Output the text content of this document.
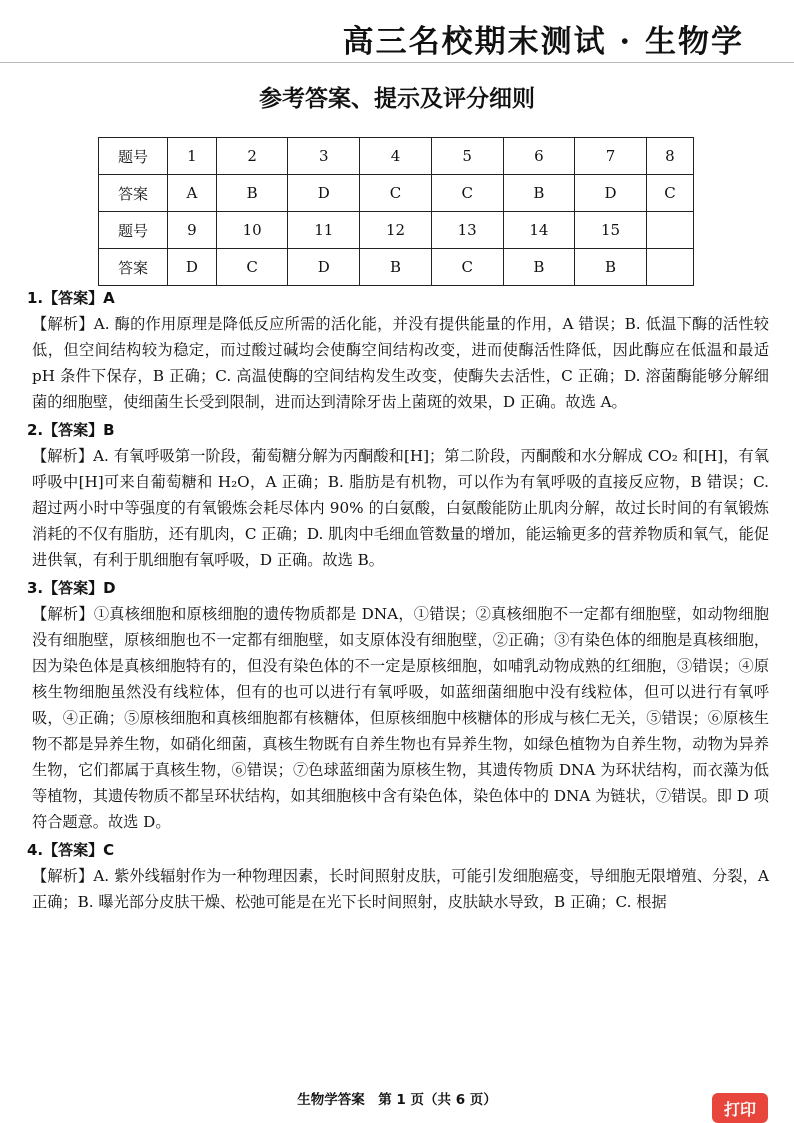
高三名校期末测试 · 生物学
参考答案、提示及评分细则
题号	1	2	3	4	5	6	7	8
答案	A	B	D	C	C	B	D	C
题号	9	10	11	12	13	14	15	
答案	D	C	D	B	C	B	B	

1.【答案】A

【解析】A. 酶的作用原理是降低反应所需的活化能，并没有提供能量的作用，A 错误；B. 低温下酶的活性较低，但空间结构较为稳定，而过酸过碱均会使酶空间结构改变，进而使酶活性降低，因此酶应在低温和最适 pH 条件下保存，B 正确；C. 高温使酶的空间结构发生改变，使酶失去活性，C 正确；D. 溶菌酶能够分解细菌的细胞壁，使细菌生长受到限制，进而达到清除牙齿上菌斑的效果，D 正确。故选 A。

2.【答案】B

【解析】A. 有氧呼吸第一阶段，葡萄糖分解为丙酮酸和[H]；第二阶段，丙酮酸和水分解成 CO₂ 和[H]，有氧呼吸中[H]可来自葡萄糖和 H₂O，A 正确；B. 脂肪是有机物，可以作为有氧呼吸的直接反应物，B 错误；C. 超过两小时中等强度的有氧锻炼会耗尽体内 90% 的白氨酸，白氨酸能防止肌肉分解，故过长时间的有氧锻炼消耗的不仅有脂肪，还有肌肉，C 正确；D. 肌肉中毛细血管数量的增加，能运输更多的营养物质和氧气，能促进供氧，有利于肌细胞有氧呼吸，D 正确。故选 B。

3.【答案】D

【解析】①真核细胞和原核细胞的遗传物质都是 DNA，①错误；②真核细胞不一定都有细胞壁，如动物细胞没有细胞壁，原核细胞也不一定都有细胞壁，如支原体没有细胞壁，②正确；③有染色体的细胞是真核细胞，因为染色体是真核细胞特有的，但没有染色体的不一定是原核细胞，如哺乳动物成熟的红细胞，③错误；④原核生物细胞虽然没有线粒体，但有的也可以进行有氧呼吸，如蓝细菌细胞中没有线粒体，但可以进行有氧呼吸，④正确；⑤原核细胞和真核细胞都有核糖体，但原核细胞中核糖体的形成与核仁无关，⑤错误；⑥原核生物不都是异养生物，如硝化细菌，真核生物既有自养生物也有异养生物，如绿色植物为自养生物，动物为异养生物，它们都属于真核生物，⑥错误；⑦色球蓝细菌为原核生物，其遗传物质 DNA 为环状结构，而衣藻为低等植物，其遗传物质不都呈环状结构，如其细胞核中含有染色体，染色体中的 DNA 为链状，⑦错误。即 D 项符合题意。故选 D。

4.【答案】C

【解析】A. 紫外线辐射作为一种物理因素，长时间照射皮肤，可能引发细胞癌变，导细胞无限增殖、分裂，A 正确；B. 曝光部分皮肤干燥、松弛可能是在光下长时间照射，皮肤缺水导致，B 正确；C. 根据

生物学答案　第 1 页（共 6 页）	打印
